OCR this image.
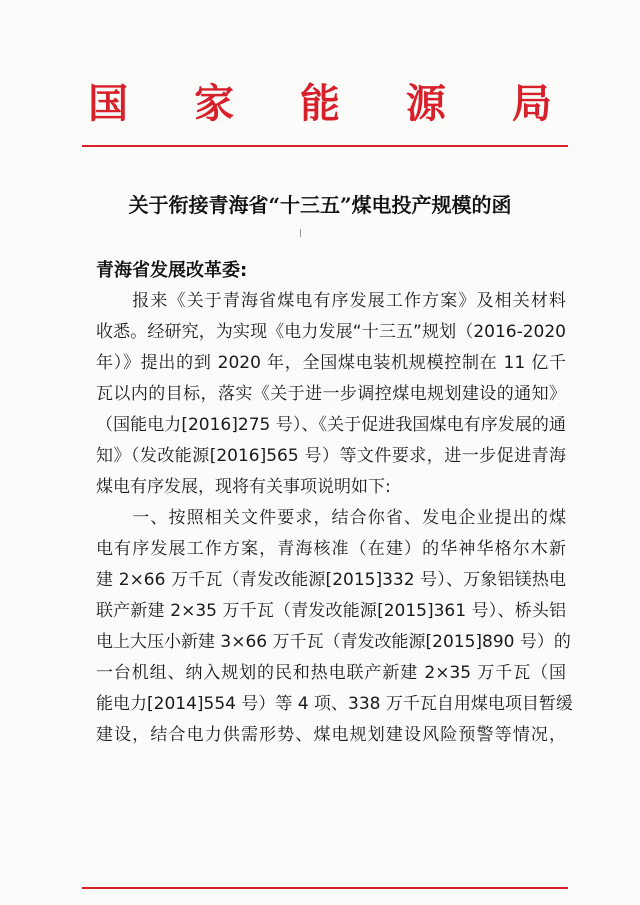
国 家 能 源 局
关于衔接青海省“十三五”煤电投产规模的函
青海省发展改革委:
　　报来《关于青海省煤电有序发展工作方案》及相关材料
收悉。经研究，为实现《电力发展“十三五”规划（2016-2020
年）》提出的到 2020 年，全国煤电装机规模控制在 11 亿千
瓦以内的目标，落实《关于进一步调控煤电规划建设的通知》
（国能电力[2016]275 号）、《关于促进我国煤电有序发展的通
知》（发改能源[2016]565 号）等文件要求，进一步促进青海
煤电有序发展，现将有关事项说明如下:
　　一、按照相关文件要求，结合你省、发电企业提出的煤
电有序发展工作方案，青海核准（在建）的华神华格尔木新
建 2×66 万千瓦（青发改能源[2015]332 号）、万象铝镁热电
联产新建 2×35 万千瓦（青发改能源[2015]361 号）、桥头铝
电上大压小新建 3×66 万千瓦（青发改能源[2015]890 号）的
一台机组、纳入规划的民和热电联产新建 2×35 万千瓦（国
能电力[2014]554 号）等 4 项、338 万千瓦自用煤电项目暂缓
建设，结合电力供需形势、煤电规划建设风险预警等情况，
